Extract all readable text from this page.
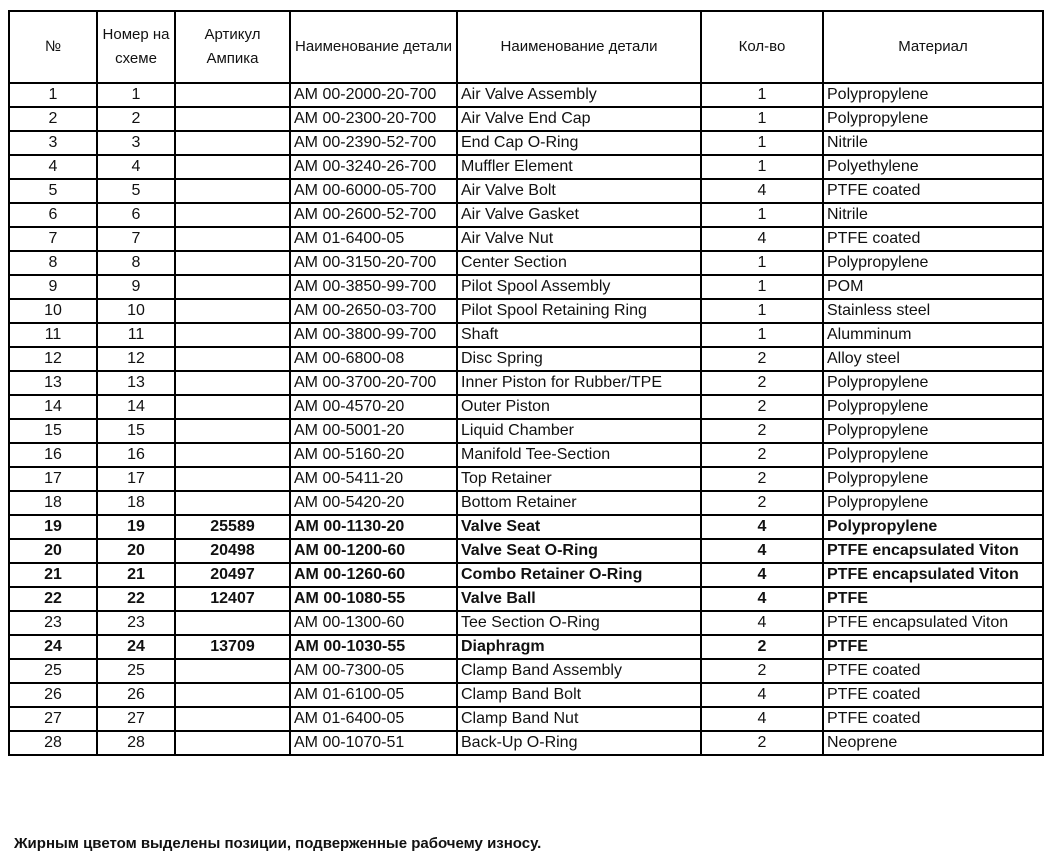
№	Номер на схеме	Артикул Ампика	Наименование детали	Наименование детали	Кол-во	Материал
1	1		AM 00-2000-20-700	Air Valve Assembly	1	Polypropylene
2	2		AM 00-2300-20-700	Air Valve End Cap	1	Polypropylene
3	3		AM 00-2390-52-700	End Cap O-Ring	1	Nitrile
4	4		AM 00-3240-26-700	Muffler Element	1	Polyethylene
5	5		AM 00-6000-05-700	Air Valve Bolt	4	PTFE coated
6	6		AM 00-2600-52-700	Air Valve Gasket	1	Nitrile
7	7		AM 01-6400-05	Air Valve Nut	4	PTFE coated
8	8		AM 00-3150-20-700	Center Section	1	Polypropylene
9	9		AM 00-3850-99-700	Pilot Spool Assembly	1	POM
10	10		AM 00-2650-03-700	Pilot Spool Retaining Ring	1	Stainless steel
11	11		AM 00-3800-99-700	Shaft	1	Alumminum
12	12		AM 00-6800-08	Disc Spring	2	Alloy steel
13	13		AM 00-3700-20-700	Inner Piston for Rubber/TPE	2	Polypropylene
14	14		AM 00-4570-20	Outer Piston	2	Polypropylene
15	15		AM 00-5001-20	Liquid Chamber	2	Polypropylene
16	16		AM 00-5160-20	Manifold Tee-Section	2	Polypropylene
17	17		AM 00-5411-20	Top Retainer	2	Polypropylene
18	18		AM 00-5420-20	Bottom Retainer	2	Polypropylene
19	19	25589	AM 00-1130-20	Valve Seat	4	Polypropylene
20	20	20498	AM 00-1200-60	Valve Seat O-Ring	4	PTFE encapsulated Viton
21	21	20497	AM 00-1260-60	Combo Retainer O-Ring	4	PTFE encapsulated Viton
22	22	12407	AM 00-1080-55	Valve Ball	4	PTFE
23	23		AM 00-1300-60	Tee Section O-Ring	4	PTFE encapsulated Viton
24	24	13709	AM 00-1030-55	Diaphragm	2	PTFE
25	25		AM 00-7300-05	Clamp Band Assembly	2	PTFE coated
26	26		AM 01-6100-05	Clamp Band Bolt	4	PTFE coated
27	27		AM 01-6400-05	Clamp Band Nut	4	PTFE coated
28	28		AM 00-1070-51	Back-Up O-Ring	2	Neoprene
Жирным цветом выделены позиции, подверженные рабочему износу.
